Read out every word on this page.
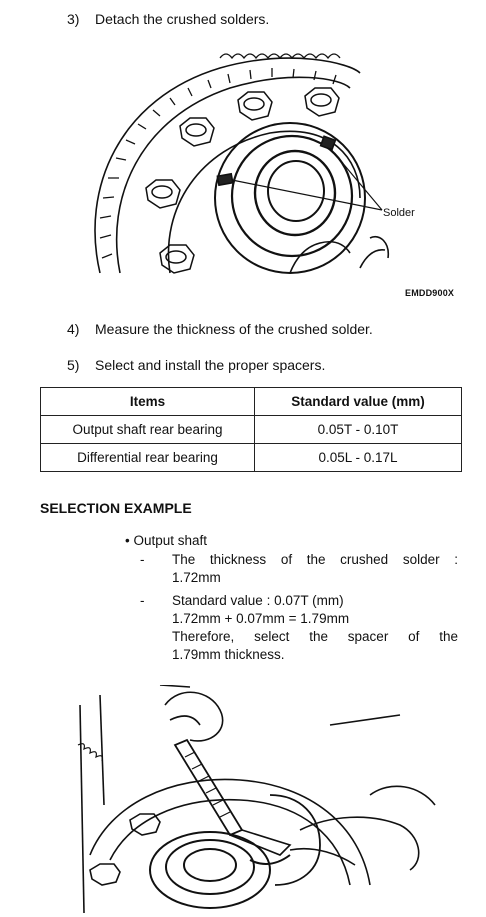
3) Detach the crushed solders.
Solder
EMDD900X
4) Measure the thickness of the crushed solder.
5) Select and install the proper spacers.
Items	Standard value (mm)
Output shaft rear bearing	0.05T - 0.10T
Differential rear bearing	0.05L - 0.17L
SELECTION EXAMPLE
• Output shaft
- The thickness of the crushed solder :
1.72mm
- Standard value : 0.07T (mm)
1.72mm + 0.07mm = 1.79mm
Therefore, select the spacer of the
1.79mm thickness.
